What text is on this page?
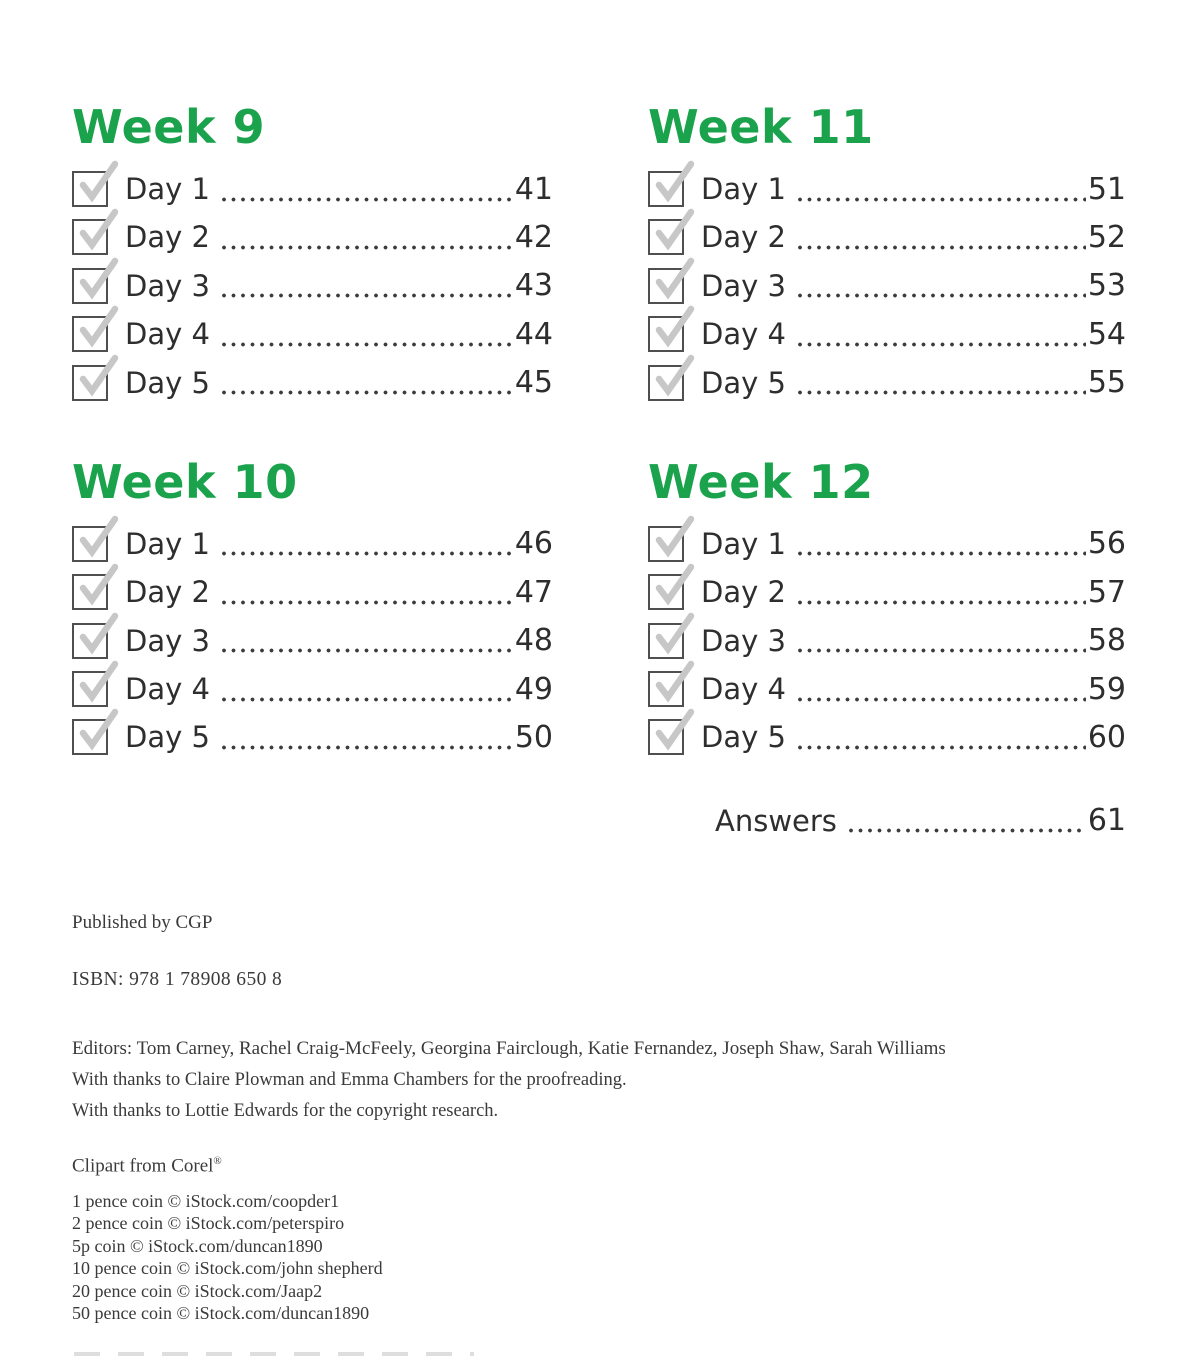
Week 9
Day 1	41
Day 2	42
Day 3	43
Day 4	44
Day 5	45
Week 10
Day 1	46
Day 2	47
Day 3	48
Day 4	49
Day 5	50
Week 11
Day 1	51
Day 2	52
Day 3	53
Day 4	54
Day 5	55
Week 12
Day 1	56
Day 2	57
Day 3	58
Day 4	59
Day 5	60
Answers	61
Published by CGP
ISBN: 978 1 78908 650 8
Editors: Tom Carney, Rachel Craig-McFeely, Georgina Fairclough, Katie Fernandez, Joseph Shaw, Sarah Williams
With thanks to Claire Plowman and Emma Chambers for the proofreading.
With thanks to Lottie Edwards for the copyright research.
Clipart from Corel®
1 pence coin © iStock.com/coopder1
2 pence coin © iStock.com/peterspiro
5p coin © iStock.com/duncan1890
10 pence coin © iStock.com/john shepherd
20 pence coin © iStock.com/Jaap2
50 pence coin © iStock.com/duncan1890
